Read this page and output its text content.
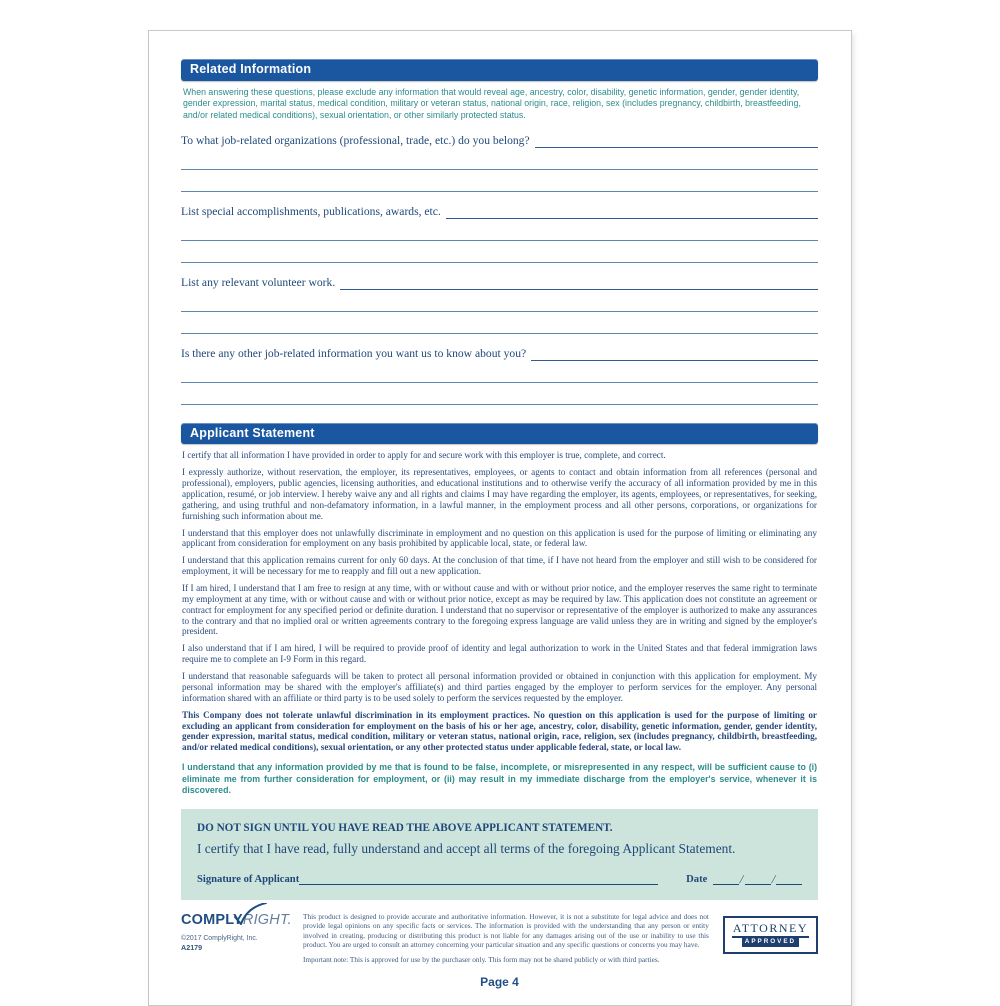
Related Information
When answering these questions, please exclude any information that would reveal age, ancestry, color, disability, genetic information, gender, gender identity, gender expression, marital status, medical condition, military or veteran status, national origin, race, religion, sex (includes pregnancy, childbirth, breastfeeding, and/or related medical conditions), sexual orientation, or other similarly protected status.
To what job-related organizations (professional, trade, etc.) do you belong?
List special accomplishments, publications, awards, etc.
List any relevant volunteer work.
Is there any other job-related information you want us to know about you?
Applicant Statement

I certify that all information I have provided in order to apply for and secure work with this employer is true, complete, and correct.

I expressly authorize, without reservation, the employer, its representatives, employees, or agents to contact and obtain information from all references (personal and professional), employers, public agencies, licensing authorities, and educational institutions and to otherwise verify the accuracy of all information provided by me in this application, resumé, or job interview. I hereby waive any and all rights and claims I may have regarding the employer, its agents, employees, or representatives, for seeking, gathering, and using truthful and non-defamatory information, in a lawful manner, in the employment process and all other persons, corporations, or organizations for furnishing such information about me.

I understand that this employer does not unlawfully discriminate in employment and no question on this application is used for the purpose of limiting or eliminating any applicant from consideration for employment on any basis prohibited by applicable local, state, or federal law.

I understand that this application remains current for only 60 days. At the conclusion of that time, if I have not heard from the employer and still wish to be considered for employment, it will be necessary for me to reapply and fill out a new application.

If I am hired, I understand that I am free to resign at any time, with or without cause and with or without prior notice, and the employer reserves the same right to terminate my employment at any time, with or without cause and with or without prior notice, except as may be required by law. This application does not constitute an agreement or contract for employment for any specified period or definite duration. I understand that no supervisor or representative of the employer is authorized to make any assurances to the contrary and that no implied oral or written agreements contrary to the foregoing express language are valid unless they are in writing and signed by the employer's president.

I also understand that if I am hired, I will be required to provide proof of identity and legal authorization to work in the United States and that federal immigration laws require me to complete an I-9 Form in this regard.

I understand that reasonable safeguards will be taken to protect all personal information provided or obtained in conjunction with this application for employment. My personal information may be shared with the employer's affiliate(s) and third parties engaged by the employer to perform services for the employer. Any personal information shared with an affiliate or third party is to be used solely to perform the services requested by the employer.

This Company does not tolerate unlawful discrimination in its employment practices. No question on this application is used for the purpose of limiting or excluding an applicant from consideration for employment on the basis of his or her age, ancestry, color, disability, genetic information, gender, gender identity, gender expression, marital status, medical condition, military or veteran status, national origin, race, religion, sex (includes pregnancy, childbirth, breastfeeding, and/or related medical conditions), sexual orientation, or any other protected status under applicable federal, state, or local law.

I understand that any information provided by me that is found to be false, incomplete, or misrepresented in any respect, will be sufficient cause to (i) eliminate me from further consideration for employment, or (ii) may result in my immediate discharge from the employer's service, whenever it is discovered.

DO NOT SIGN UNTIL YOU HAVE READ THE ABOVE APPLICANT STATEMENT.
I certify that I have read, fully understand and accept all terms of the foregoing Applicant Statement.
Signature of Applicant	Date	/ /
COMPLYRIGHT.
©2017 ComplyRight, Inc.
A2179
This product is designed to provide accurate and authoritative information. However, it is not a substitute for legal advice and does not provide legal opinions on any specific facts or services. The information is provided with the understanding that any person or entity involved in creating, producing or distributing this product is not liable for any damages arising out of the use or inability to use this product. You are urged to consult an attorney concerning your particular situation and any specific questions or concerns you may have.
Important note: This is approved for use by the purchaser only. This form may not be shared publicly or with third parties.
ATTORNEY
APPROVED
Page 4
